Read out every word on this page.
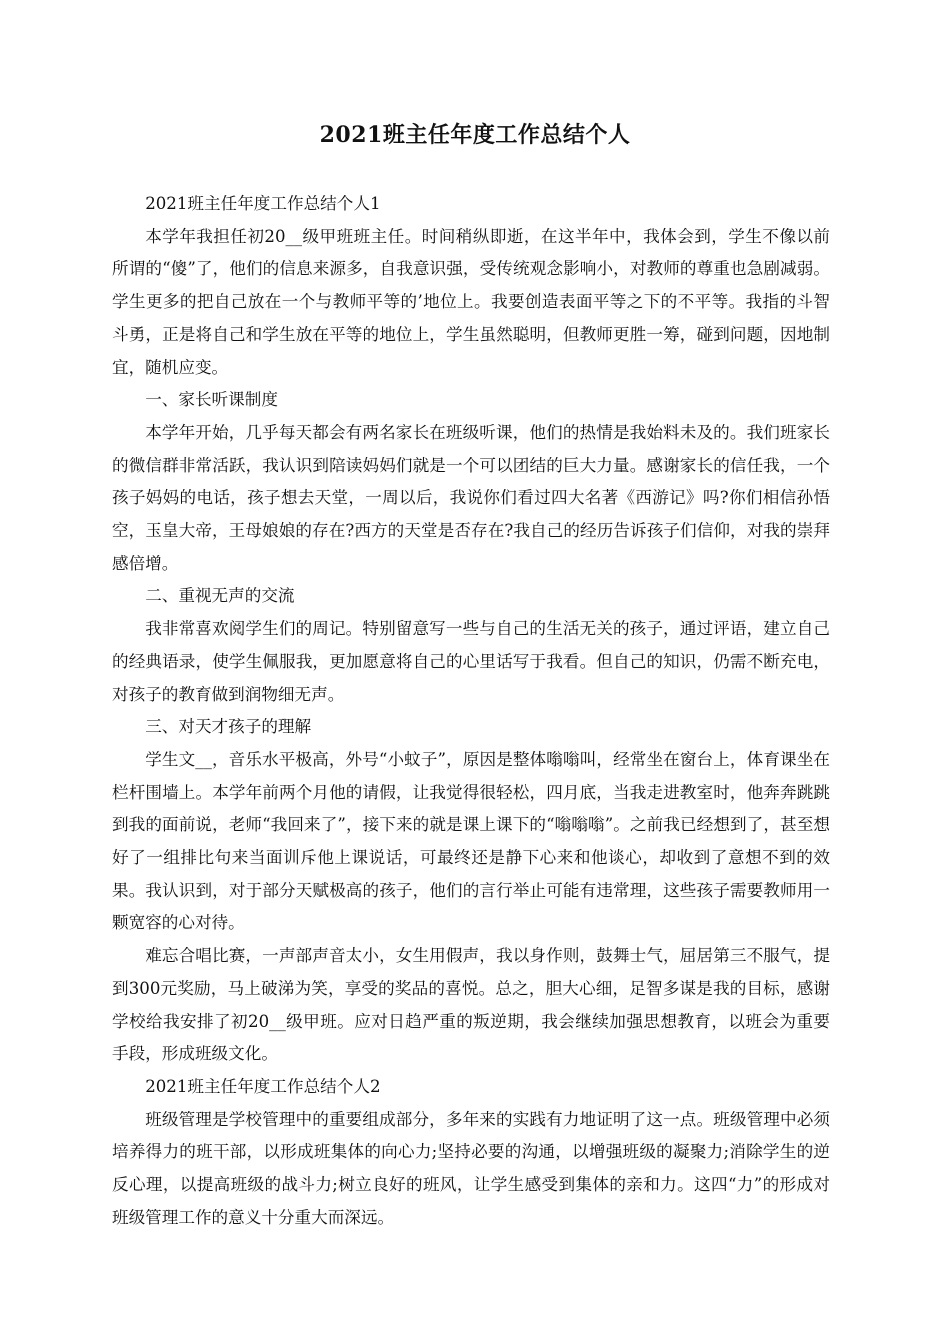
2021班主任年度工作总结个人

2021班主任年度工作总结个人1

本学年我担任初20__级甲班班主任。时间稍纵即逝，在这半年中，我体会到，学生不像以前所谓的“傻”了，他们的信息来源多，自我意识强，受传统观念影响小，对教师的尊重也急剧减弱。学生更多的把自己放在一个与教师平等的’地位上。我要创造表面平等之下的不平等。我指的斗智斗勇，正是将自己和学生放在平等的地位上，学生虽然聪明，但教师更胜一筹，碰到问题，因地制宜，随机应变。

一、家长听课制度

本学年开始，几乎每天都会有两名家长在班级听课，他们的热情是我始料未及的。我们班家长的微信群非常活跃，我认识到陪读妈妈们就是一个可以团结的巨大力量。感谢家长的信任我，一个孩子妈妈的电话，孩子想去天堂，一周以后，我说你们看过四大名著《西游记》吗?你们相信孙悟空，玉皇大帝，王母娘娘的存在?西方的天堂是否存在?我自己的经历告诉孩子们信仰，对我的崇拜感倍增。

二、重视无声的交流

我非常喜欢阅学生们的周记。特别留意写一些与自己的生活无关的孩子，通过评语，建立自己的经典语录，使学生佩服我，更加愿意将自己的心里话写于我看。但自己的知识，仍需不断充电，对孩子的教育做到润物细无声。

三、对天才孩子的理解

学生文__，音乐水平极高，外号“小蚊子”，原因是整体嗡嗡叫，经常坐在窗台上，体育课坐在栏杆围墙上。本学年前两个月他的请假，让我觉得很轻松，四月底，当我走进教室时，他奔奔跳跳到我的面前说，老师“我回来了”，接下来的就是课上课下的“嗡嗡嗡”。之前我已经想到了，甚至想好了一组排比句来当面训斥他上课说话，可最终还是静下心来和他谈心，却收到了意想不到的效果。我认识到，对于部分天赋极高的孩子，他们的言行举止可能有违常理，这些孩子需要教师用一颗宽容的心对待。

难忘合唱比赛，一声部声音太小，女生用假声，我以身作则，鼓舞士气，屈居第三不服气，提到300元奖励，马上破涕为笑，享受的奖品的喜悦。总之，胆大心细，足智多谋是我的目标，感谢学校给我安排了初20__级甲班。应对日趋严重的叛逆期，我会继续加强思想教育，以班会为重要手段，形成班级文化。

2021班主任年度工作总结个人2

班级管理是学校管理中的重要组成部分，多年来的实践有力地证明了这一点。班级管理中必须培养得力的班干部，以形成班集体的向心力;坚持必要的沟通，以增强班级的凝聚力;消除学生的逆反心理，以提高班级的战斗力;树立良好的班风，让学生感受到集体的亲和力。这四“力”的形成对班级管理工作的意义十分重大而深远。
